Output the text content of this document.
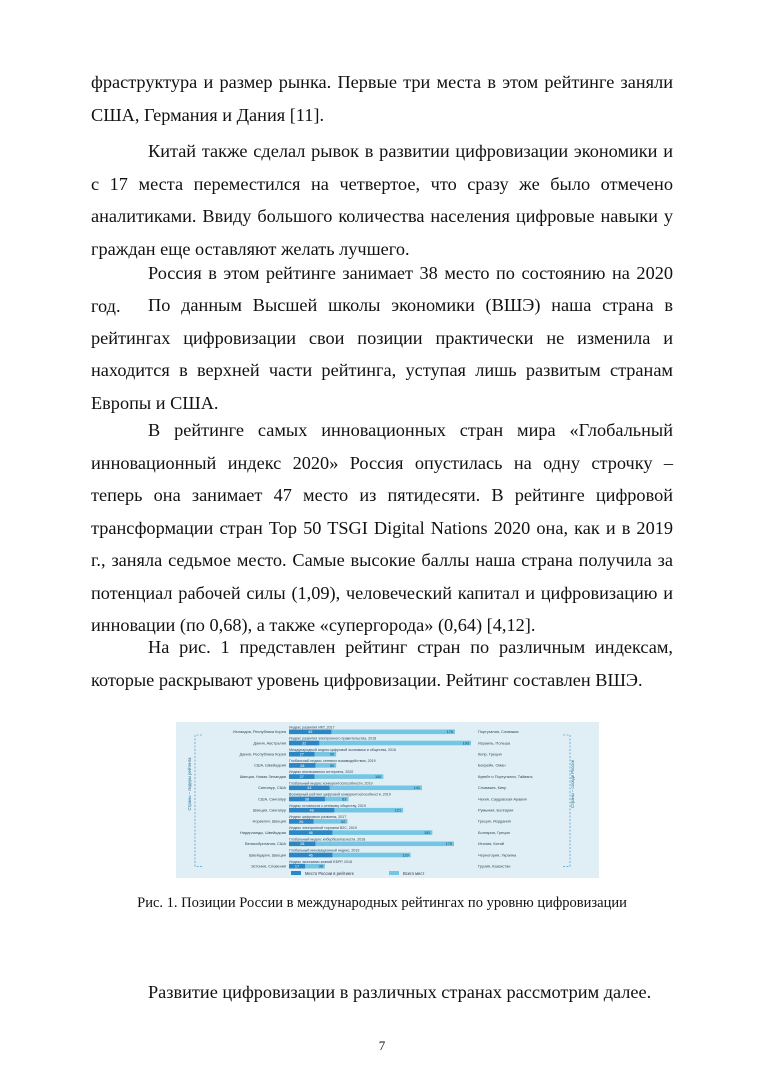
фраструктура и размер рынка. Первые три места в этом рейтинге заняли США, Германия и Дания [11].

Китай также сделал рывок в развитии цифровизации экономики и с 17 места переместился на четвертое, что сразу же было отмечено аналитиками. Ввиду большого количества населения цифровые навыки у граждан еще оставляют желать лучшего.

Россия в этом рейтинге занимает 38 место по состоянию на 2020 год.	По данным Высшей школы экономики (ВШЭ) наша страна в рейтингах цифровизации свои позиции практически не изменила и находится в верхней части рейтинга, уступая лишь развитым странам Европы и США.

В рейтинге самых инновационных стран мира «Глобальный инновационный индекс 2020» Россия опустилась на одну строчку – теперь она занимает 47 место из пятидесяти. В рейтинге цифровой трансформации стран Top 50 TSGI Digital Nations 2020 она, как и в 2019 г., заняла седьмое место. Самые высокие баллы наша страна получила за потенциал рабочей силы (1,09), человеческий капитал и цифровизацию и инновации (по 0,68), а также «супергорода» (0,64) [4,12].

На рис. 1 представлен рейтинг стран по различным индексам, которые раскрывают уровень цифровизации. Рейтинг составлен ВШЭ.

Страны – лидеры рейтинга	Страны – соседи России
Индекс развития ИКТ, 2017
Исландия, Республика Корея	Португалия, Словакия
45	176
Индекс развития электронного правительства, 2018
Дания, Австралия	Израиль, Польша
32	193
Международный индекс цифровой экономики и общества, 2016
Дания, Республика Корея	Кипр, Греция
27	50
Глобальный индекс сетевого взаимодействия, 2019
США, Швейцария	Бахрейн, Оман
28	50
Индекс инклюзивного интернета, 2020
Швеция, Новая Зеландия	Кувейт и Португалия, Тайвань
27	100
Глобальный индекс конкурентоспособности, 2019
Сингапур, США	Словакия, Кипр
43	141
Всемирный рейтинг цифровой конкурентоспособности, 2019
США, Сингапур	Чехия, Саудовская Аравия
38	63
Индекс готовности к сетевому обществу, 2019
Швеция, Сингапур	Румыния, Болгария
48	121
Индекс цифрового развития, 2017
Норвегия, Швеция	Греция, Иордания
26	62
Индекс электронной торговли B2C, 2019
Нидерланды, Швейцария	Болгария, Греция
46	152
Глобальный индекс кибербезопасности, 2018
Великобритания, США	Италия, Китай
28	175
Глобальный инновационный индекс, 2019
Швейцария, Швеция	Черногория, Украина
46	129
Индекс экономики знаний ЕБРР, 2018
Эстония, Словения	Грузия, Казахстан
17	38
Место России в рейтинге	Всего мест
Рис. 1. Позиции России в международных рейтингах по уровню цифровизации
Развитие цифровизации в различных странах рассмотрим далее.
7
